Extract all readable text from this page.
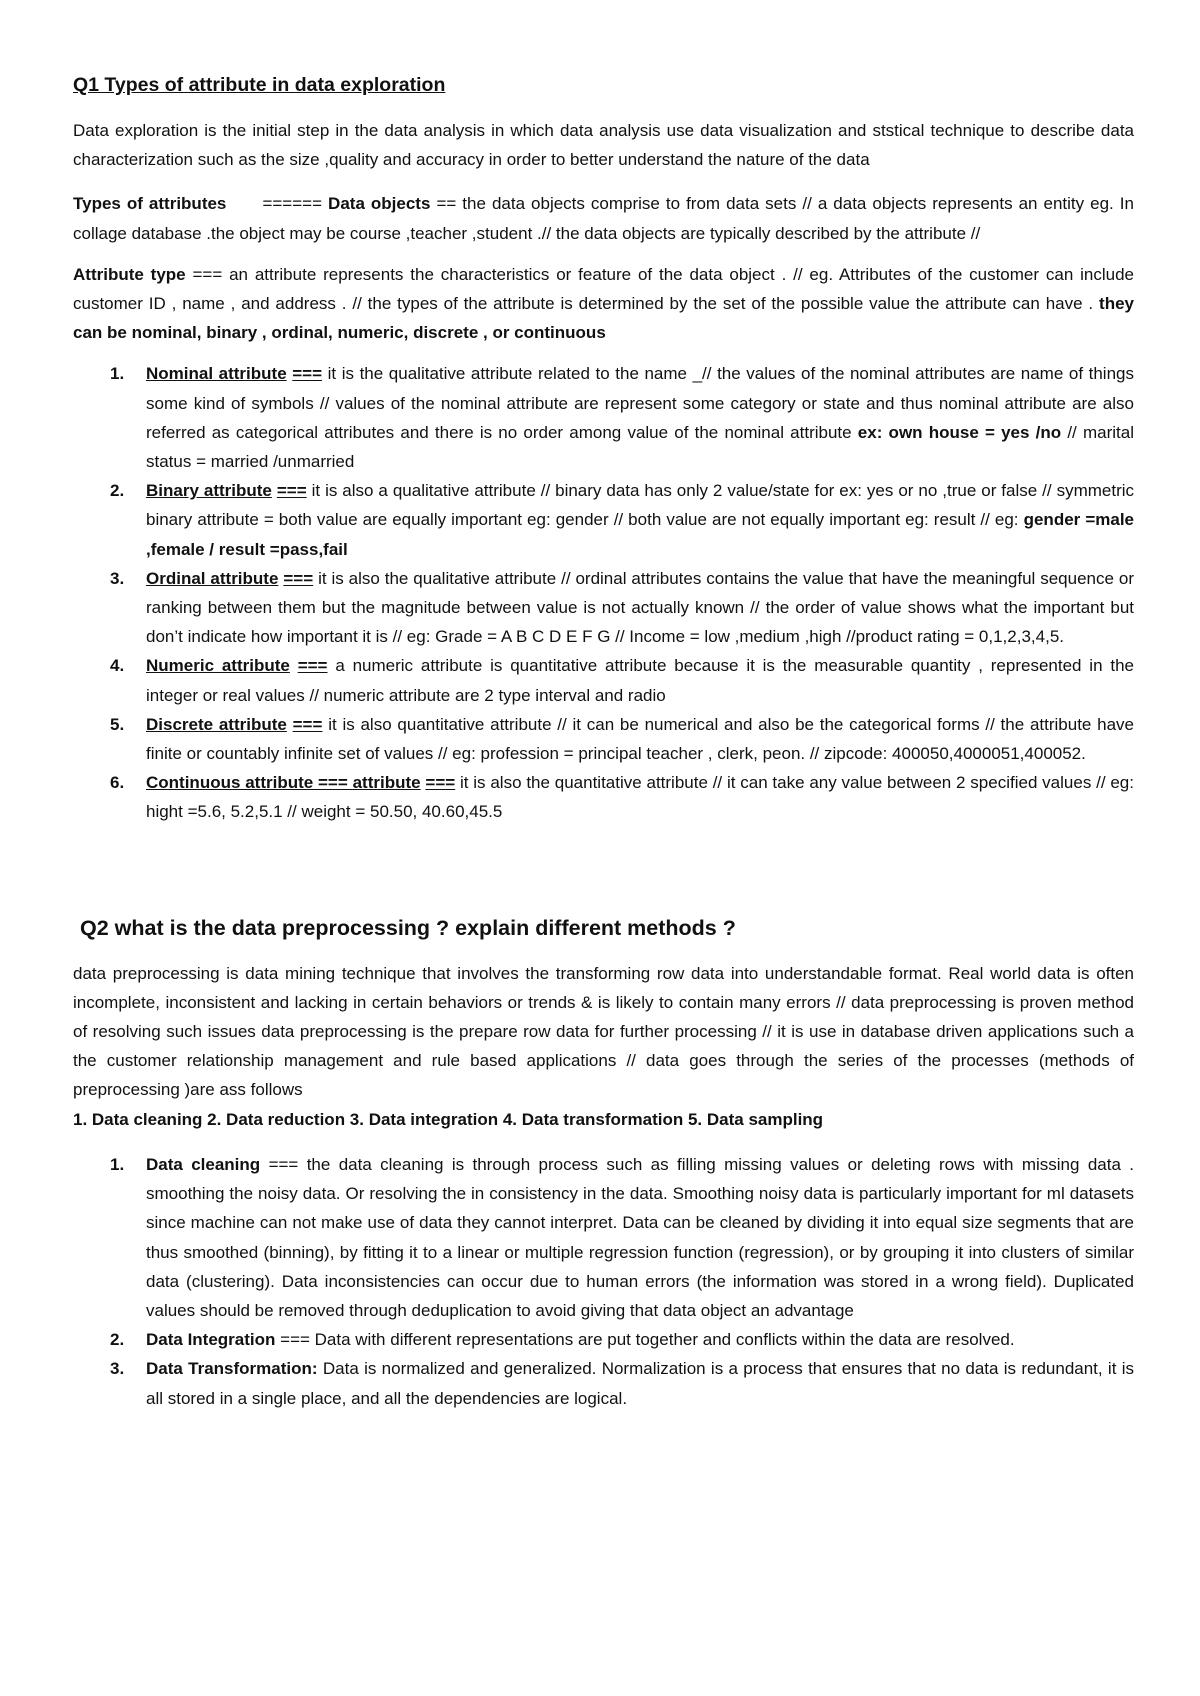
Q1 Types of attribute in data exploration

Data exploration is the initial step in the data analysis in which data analysis use data visualization and ststical technique to describe data characterization such as the size ,quality and accuracy in order to better understand the nature of the data

Types of attributes ====== Data objects == the data objects comprise to from data sets // a data objects represents an entity eg. In collage database .the object may be course ,teacher ,student .// the data objects are typically described by the attribute //

Attribute type === an attribute represents the characteristics or feature of the data object . // eg. Attributes of the customer can include customer ID , name , and address . // the types of the attribute is determined by the set of the possible value the attribute can have . they can be nominal, binary , ordinal, numeric, discrete , or continuous

1. Nominal attribute === it is the qualitative attribute related to the name _// the values of the nominal attributes are name of things some kind of symbols // values of the nominal attribute are represent some category or state and thus nominal attribute are also referred as categorical attributes and there is no order among value of the nominal attribute ex: own house = yes /no // marital status = married /unmarried
2. Binary attribute === it is also a qualitative attribute // binary data has only 2 value/state for ex: yes or no ,true or false // symmetric binary attribute = both value are equally important eg: gender // both value are not equally important eg: result // eg: gender =male ,female / result =pass,fail
3. Ordinal attribute === it is also the qualitative attribute // ordinal attributes contains the value that have the meaningful sequence or ranking between them but the magnitude between value is not actually known // the order of value shows what the important but don’t indicate how important it is // eg: Grade = A B C D E F G // Income = low ,medium ,high //product rating = 0,1,2,3,4,5.
4. Numeric attribute === a numeric attribute is quantitative attribute because it is the measurable quantity , represented in the integer or real values // numeric attribute are 2 type interval and radio
5. Discrete attribute === it is also quantitative attribute // it can be numerical and also be the categorical forms // the attribute have finite or countably infinite set of values // eg: profession = principal teacher , clerk, peon. // zipcode: 400050,4000051,400052.
6. Continuous attribute === attribute === it is also the quantitative attribute // it can take any value between 2 specified values // eg: hight =5.6, 5.2,5.1 // weight = 50.50, 40.60,45.5
Q2 what is the data preprocessing ? explain different methods ?

data preprocessing is data mining technique that involves the transforming row data into understandable format. Real world data is often incomplete, inconsistent and lacking in certain behaviors or trends & is likely to contain many errors // data preprocessing is proven method of resolving such issues data preprocessing is the prepare row data for further processing // it is use in database driven applications such a the customer relationship management and rule based applications // data goes through the series of the processes (methods of preprocessing )are ass follows

1. Data cleaning 2. Data reduction 3. Data integration 4. Data transformation 5. Data sampling
1. Data cleaning === the data cleaning is through process such as filling missing values or deleting rows with missing data . smoothing the noisy data. Or resolving the in consistency in the data. Smoothing noisy data is particularly important for ml datasets since machine can not make use of data they cannot interpret. Data can be cleaned by dividing it into equal size segments that are thus smoothed (binning), by fitting it to a linear or multiple regression function (regression), or by grouping it into clusters of similar data (clustering). Data inconsistencies can occur due to human errors (the information was stored in a wrong field). Duplicated values should be removed through deduplication to avoid giving that data object an advantage
2. Data Integration === Data with different representations are put together and conflicts within the data are resolved.
3. Data Transformation: Data is normalized and generalized. Normalization is a process that ensures that no data is redundant, it is all stored in a single place, and all the dependencies are logical.
